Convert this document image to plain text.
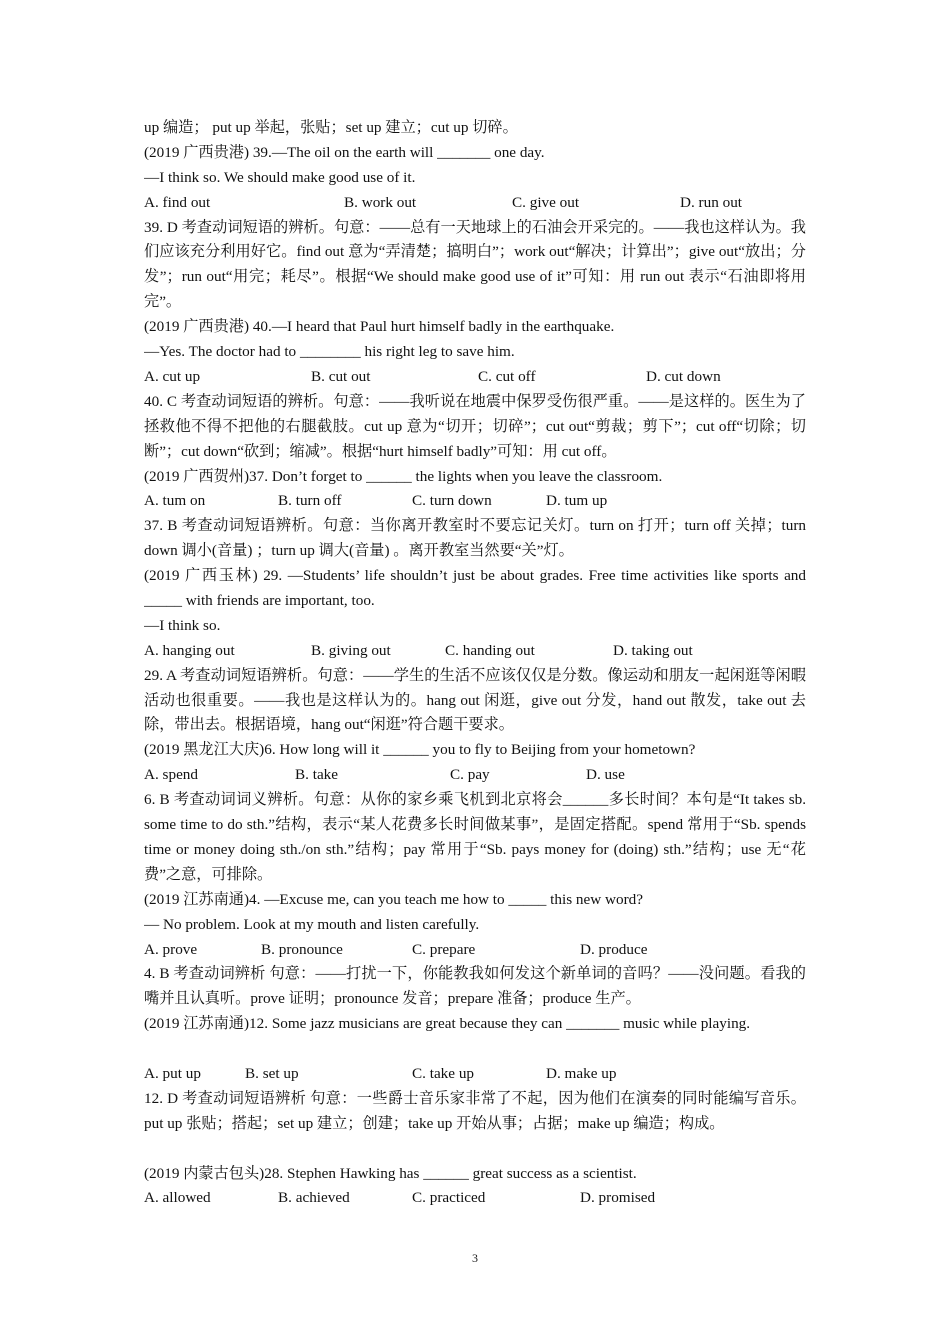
up 编造； put up 举起，张贴；set up 建立；cut up 切碎。
(2019 广西贵港) 39.—The oil on the earth will _______ one day.
—I think so. We should make good use of it.
A. find out	B. work out	C. give out	D. run out
39. D 考查动词短语的辨析。句意：——总有一天地球上的石油会开采完的。——我也这样认为。我们应该充分利用好它。find out 意为“弄清楚；搞明白”；work out“解决；计算出”；give out“放出；分发”；run out“用完；耗尽”。根据“We should make good use of it”可知：用 run out 表示“石油即将用完”。
(2019 广西贵港) 40.—I heard that Paul hurt himself badly in the earthquake.
—Yes. The doctor had to ________ his right leg to save him.
A. cut up	B. cut out	C. cut off	D. cut down
40. C 考查动词短语的辨析。句意：——我听说在地震中保罗受伤很严重。——是这样的。医生为了拯救他不得不把他的右腿截肢。cut up 意为“切开；切碎”；cut out“剪裁；剪下”；cut off“切除；切断”；cut down“砍到；缩减”。根据“hurt himself badly”可知：用 cut off。
(2019 广西贺州)37. Don’t forget to ______ the lights when you leave the classroom.
A. tum on	B. turn off	C. turn down	D. tum up
37. B 考查动词短语辨析。句意：当你离开教室时不要忘记关灯。turn on 打开；turn off 关掉；turn down 调小(音量) ；turn up 调大(音量) 。离开教室当然要“关”灯。
(2019 广西玉林) 29. —Students’ life shouldn’t just be about grades. Free time activities like sports and _____ with friends are important, too.
—I think so.
A. hanging out	B. giving out	C. handing out	D. taking out
29. A 考查动词短语辨析。句意：——学生的生活不应该仅仅是分数。像运动和朋友一起闲逛等闲暇活动也很重要。——我也是这样认为的。hang out 闲逛，give out 分发，hand out 散发，take out 去除，带出去。根据语境，hang out“闲逛”符合题干要求。
(2019 黑龙江大庆)6. How long will it ______ you to fly to Beijing from your hometown?
A. spend	B. take	C. pay	D. use
6. B 考查动词词义辨析。句意：从你的家乡乘飞机到北京将会______多长时间？本句是“It takes sb. some time to do sth.”结构，表示“某人花费多长时间做某事”，是固定搭配。spend 常用于“Sb. spends time or money doing sth./on sth.”结构；pay 常用于“Sb. pays money for (doing) sth.”结构；use 无“花费”之意，可排除。
(2019 江苏南通)4. —Excuse me, can you teach me how to _____ this new word?
— No problem. Look at my mouth and listen carefully.
A. prove	B. pronounce	C. prepare	D. produce
4. B 考查动词辨析 句意：——打扰一下，你能教我如何发这个新单词的音吗？——没问题。看我的嘴并且认真听。prove 证明；pronounce 发音；prepare 准备；produce 生产。
(2019 江苏南通)12. Some jazz musicians are great because they can _______ music while playing.
A. put up	B. set up	C. take up	D. make up
12. D 考查动词短语辨析 句意：一些爵士音乐家非常了不起，因为他们在演奏的同时能编写音乐。put up 张贴；搭起；set up 建立；创建；take up 开始从事；占据；make up 编造；构成。
(2019 内蒙古包头)28. Stephen Hawking has ______ great success as a scientist.
A. allowed	B. achieved	C. practiced	D. promised
3
